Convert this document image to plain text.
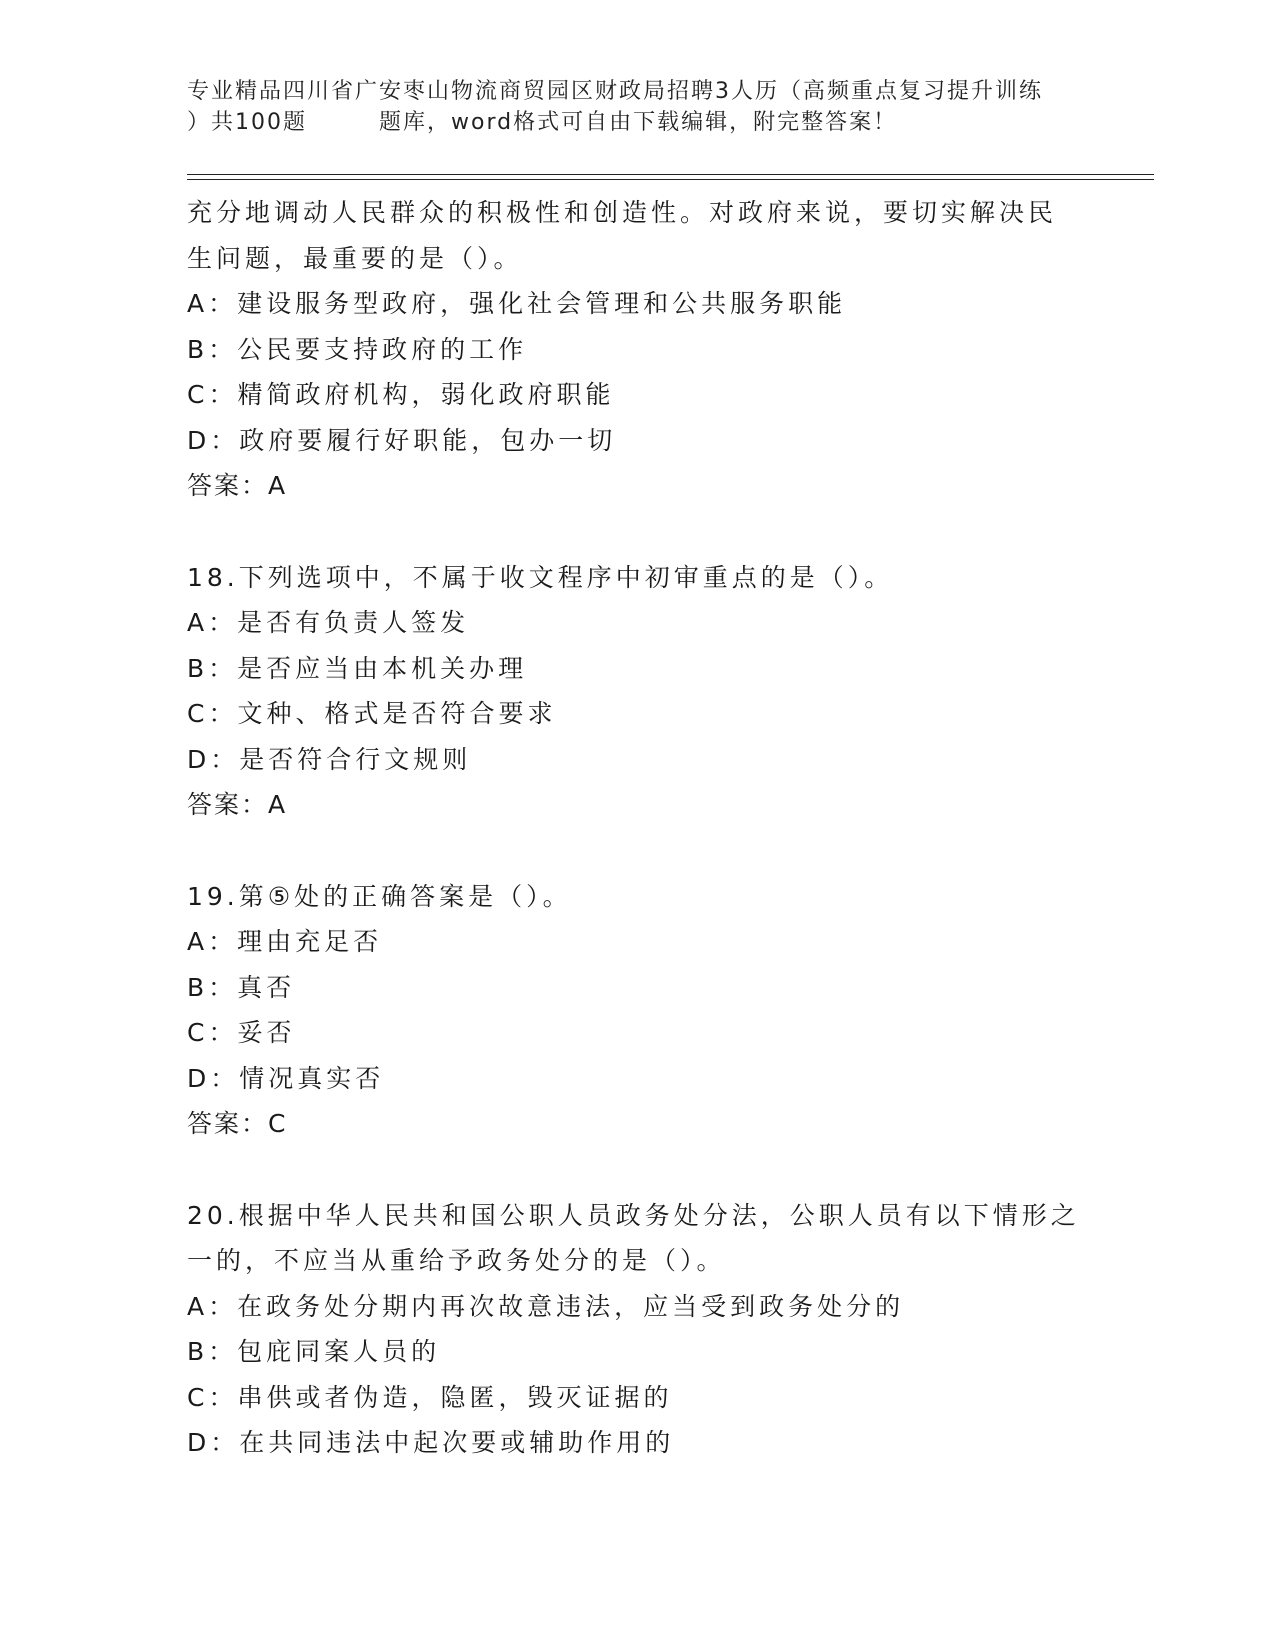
专业精品四川省广安枣山物流商贸园区财政局招聘3人历（高频重点复习提升训练
）共100题	题库，word格式可自由下载编辑，附完整答案！
充分地调动人民群众的积极性和创造性。对政府来说，要切实解决民
生问题，最重要的是（）。
A：建设服务型政府，强化社会管理和公共服务职能
B：公民要支持政府的工作
C：精简政府机构，弱化政府职能
D：政府要履行好职能，包办一切
答案：A
18.下列选项中，不属于收文程序中初审重点的是（）。
A：是否有负责人签发
B：是否应当由本机关办理
C：文种、格式是否符合要求
D：是否符合行文规则
答案：A
19.第⑤处的正确答案是（）。
A：理由充足否
B：真否
C：妥否
D：情况真实否
答案：C
20.根据中华人民共和国公职人员政务处分法，公职人员有以下情形之
一的，不应当从重给予政务处分的是（）。
A：在政务处分期内再次故意违法，应当受到政务处分的
B：包庇同案人员的
C：串供或者伪造，隐匿，毁灭证据的
D：在共同违法中起次要或辅助作用的
